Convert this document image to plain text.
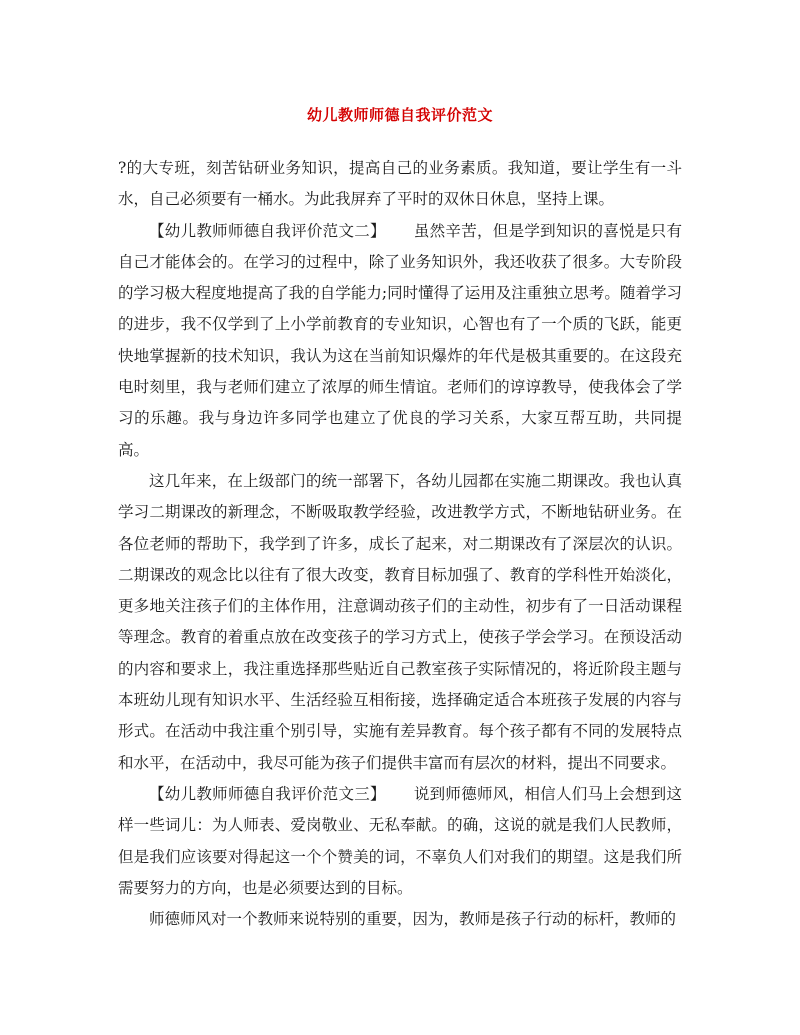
幼儿教师师德自我评价范文

?的大专班，刻苦钻研业务知识，提高自己的业务素质。我知道，要让学生有一斗水，自己必须要有一桶水。为此我屏弃了平时的双休日休息，坚持上课。

【幼儿教师师德自我评价范文二】 虽然辛苦，但是学到知识的喜悦是只有自己才能体会的。在学习的过程中，除了业务知识外，我还收获了很多。大专阶段的学习极大程度地提高了我的自学能力;同时懂得了运用及注重独立思考。随着学习的进步，我不仅学到了上小学前教育的专业知识，心智也有了一个质的飞跃，能更快地掌握新的技术知识，我认为这在当前知识爆炸的年代是极其重要的。在这段充电时刻里，我与老师们建立了浓厚的师生情谊。老师们的谆谆教导，使我体会了学习的乐趣。我与身边许多同学也建立了优良的学习关系，大家互帮互助，共同提高。

这几年来，在上级部门的统一部署下，各幼儿园都在实施二期课改。我也认真学习二期课改的新理念，不断吸取教学经验，改进教学方式，不断地钻研业务。在各位老师的帮助下，我学到了许多，成长了起来，对二期课改有了深层次的认识。二期课改的观念比以往有了很大改变，教育目标加强了、教育的学科性开始淡化，更多地关注孩子们的主体作用，注意调动孩子们的主动性，初步有了一日活动课程等理念。教育的着重点放在改变孩子的学习方式上，使孩子学会学习。在预设活动的内容和要求上，我注重选择那些贴近自己教室孩子实际情况的，将近阶段主题与本班幼儿现有知识水平、生活经验互相衔接，选择确定适合本班孩子发展的内容与形式。在活动中我注重个别引导，实施有差异教育。每个孩子都有不同的发展特点和水平，在活动中，我尽可能为孩子们提供丰富而有层次的材料，提出不同要求。

【幼儿教师师德自我评价范文三】 说到师德师风，相信人们马上会想到这样一些词儿：为人师表、爱岗敬业、无私奉献。的确，这说的就是我们人民教师，但是我们应该要对得起这一个个赞美的词，不辜负人们对我们的期望。这是我们所需要努力的方向，也是必须要达到的目标。

师德师风对一个教师来说特别的重要，因为，教师是孩子行动的标杆，教师的
